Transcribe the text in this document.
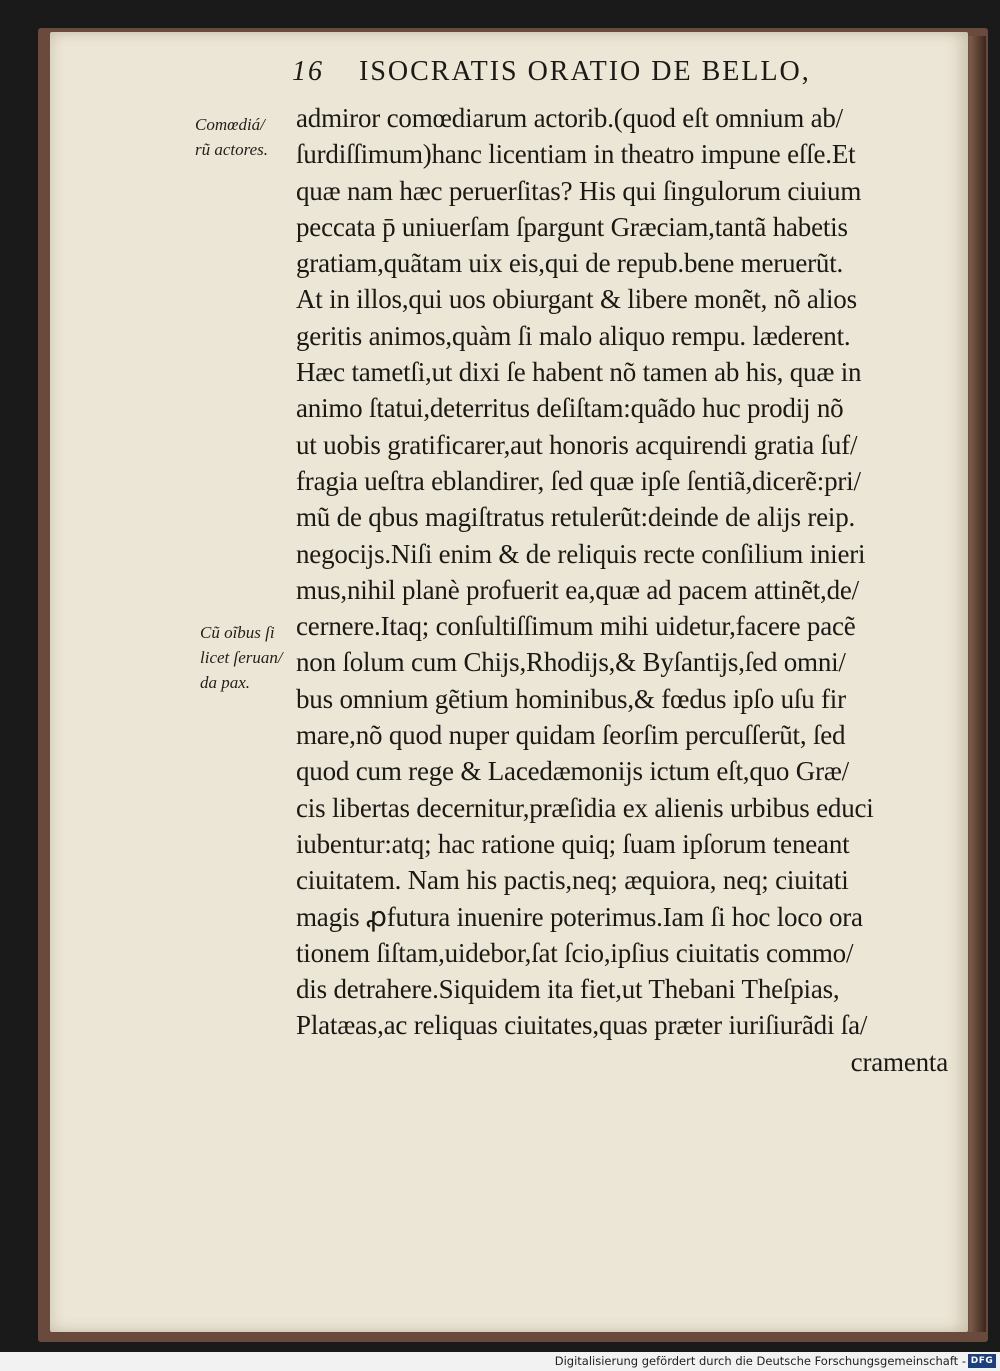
16 ISOCRATIS ORATIO DE BELLO,
Comœdiá/
rũ actores.
Cũ oĩbus ſi
licet ſeruan/
da pax.
admiror comœdiarum actorib.(quod eſt omnium ab/
ſurdiſſimum)hanc licentiam in theatro impune eſſe.Et
quæ nam hæc peruerſitas? His qui ſingulorum ciuium
peccata p̄ uniuerſam ſpargunt Græciam,tantã habetis
gratiam,quãtam uix eis,qui de repub.bene meruerũt.
At in illos,qui uos obiurgant & libere monẽt, nõ alios
geritis animos,quàm ſi malo aliquo rempu. læderent.
Hæc tametſi,ut dixi ſe habent nõ tamen ab his, quæ in
animo ſtatui,deterritus deſiſtam:quãdo huc prodij nõ
ut uobis gratificarer,aut honoris acquirendi gratia ſuf/
fragia ueſtra eblandirer, ſed quæ ipſe ſentiã,dicerẽ:pri/
mũ de qbus magiſtratus retulerũt:deinde de alijs reip.
negocijs.Niſi enim & de reliquis recte conſilium inieri
mus,nihil planè profuerit ea,quæ ad pacem attinẽt,de/
cernere.Itaq; conſultiſſimum mihi uidetur,facere pacẽ
non ſolum cum Chijs,Rhodijs,& Byſantijs,ſed omni/
bus omnium gẽtium hominibus,& fœdus ipſo uſu fir
mare,nõ quod nuper quidam ſeorſim percuſſerũt, ſed
quod cum rege & Lacedæmonijs ictum eſt,quo Græ/
cis libertas decernitur,præſidia ex alienis urbibus educi
iubentur:atq; hac ratione quiq; ſuam ipſorum teneant
ciuitatem. Nam his pactis,neq; æquiora, neq; ciuitati
magis ꝓfutura inuenire poterimus.Iam ſi hoc loco ora
tionem ſiſtam,uidebor,ſat ſcio,ipſius ciuitatis commo/
dis detrahere.Siquidem ita fiet,ut Thebani Theſpias,
Platæas,ac reliquas ciuitates,quas præter iuriſiurãdi ſa/
cramenta
Digitalisierung gefördert durch die Deutsche Forschungsgemeinschaft - DFG
